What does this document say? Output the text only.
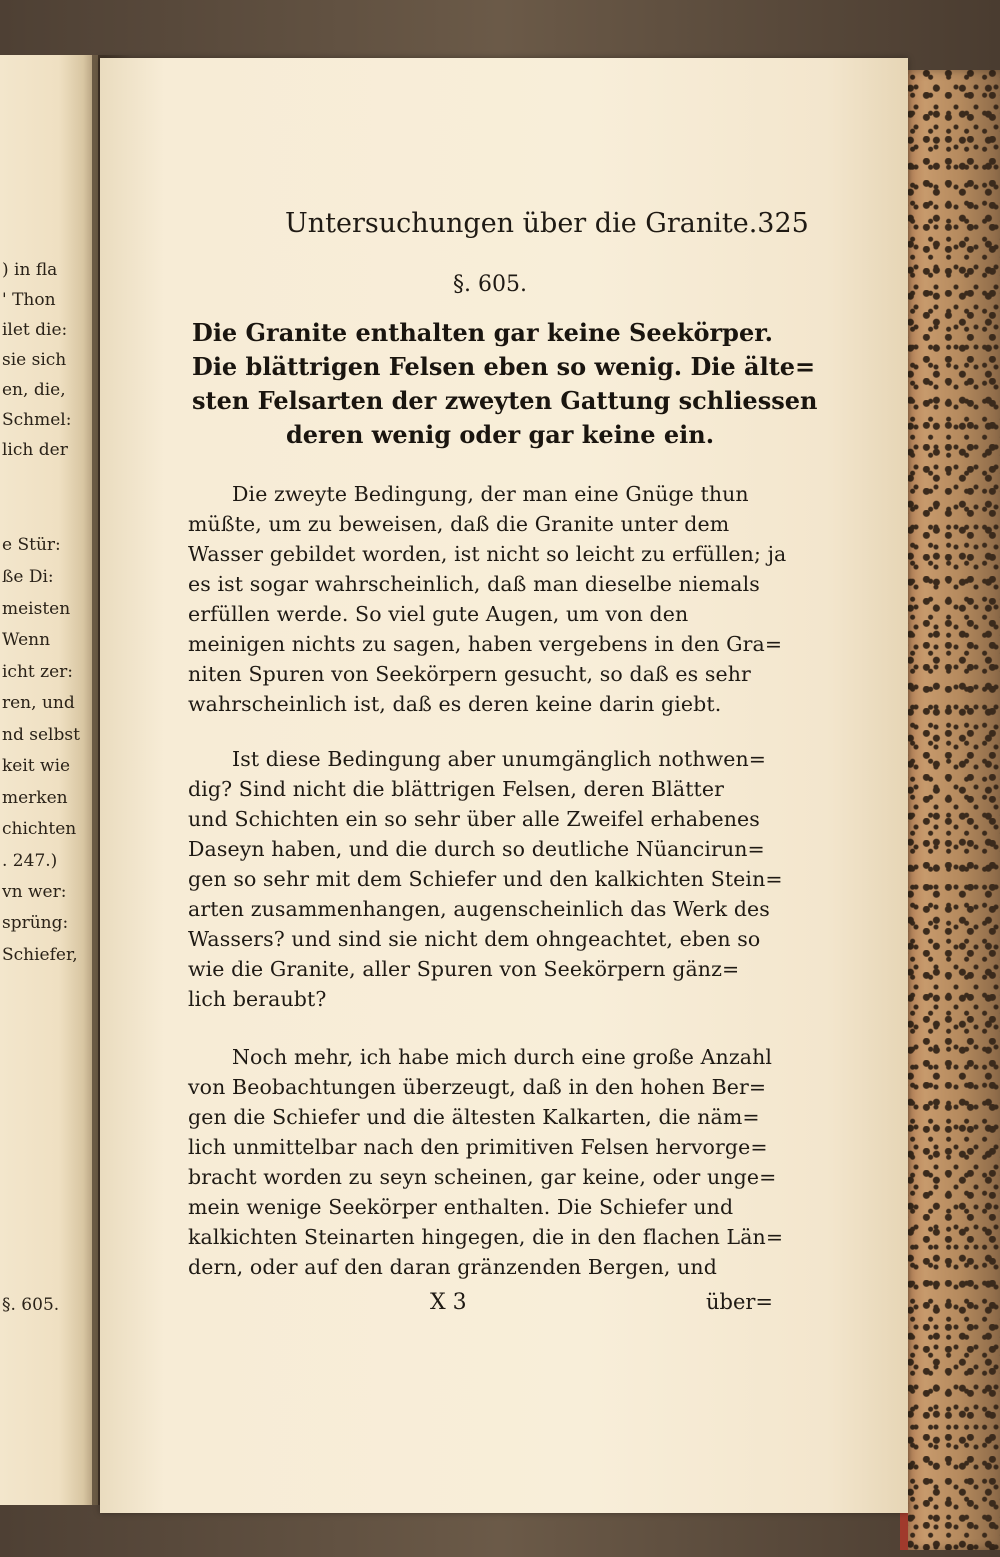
) in fla
' Thon
ilet die:
sie sich
en, die,
Schmel:
lich der
e Stür:
ße Di:
meisten
Wenn
icht zer:
ren, und
nd selbst
keit wie
merken
chichten
. 247.)
vn wer:
sprüng:
Schiefer,
§. 605.
Untersuchungen über die Granite. 325
§. 605.
Die Granite enthalten gar keine Seekörper.
Die blättrigen Felsen eben so wenig. Die älte=
sten Felsarten der zweyten Gattung schliessen
deren wenig oder gar keine ein.
Die zweyte Bedingung, der man eine Gnüge thun
müßte, um zu beweisen, daß die Granite unter dem
Wasser gebildet worden, ist nicht so leicht zu erfüllen; ja
es ist sogar wahrscheinlich, daß man dieselbe niemals
erfüllen werde. So viel gute Augen, um von den
meinigen nichts zu sagen, haben vergebens in den Gra=
niten Spuren von Seekörpern gesucht, so daß es sehr
wahrscheinlich ist, daß es deren keine darin giebt.
Ist diese Bedingung aber unumgänglich nothwen=
dig? Sind nicht die blättrigen Felsen, deren Blätter
und Schichten ein so sehr über alle Zweifel erhabenes
Daseyn haben, und die durch so deutliche Nüancirun=
gen so sehr mit dem Schiefer und den kalkichten Stein=
arten zusammenhangen, augenscheinlich das Werk des
Wassers? und sind sie nicht dem ohngeachtet, eben so
wie die Granite, aller Spuren von Seekörpern gänz=
lich beraubt?
Noch mehr, ich habe mich durch eine große Anzahl
von Beobachtungen überzeugt, daß in den hohen Ber=
gen die Schiefer und die ältesten Kalkarten, die näm=
lich unmittelbar nach den primitiven Felsen hervorge=
bracht worden zu seyn scheinen, gar keine, oder unge=
mein wenige Seekörper enthalten. Die Schiefer und
kalkichten Steinarten hingegen, die in den flachen Län=
dern, oder auf den daran gränzenden Bergen, und
X 3	über=
